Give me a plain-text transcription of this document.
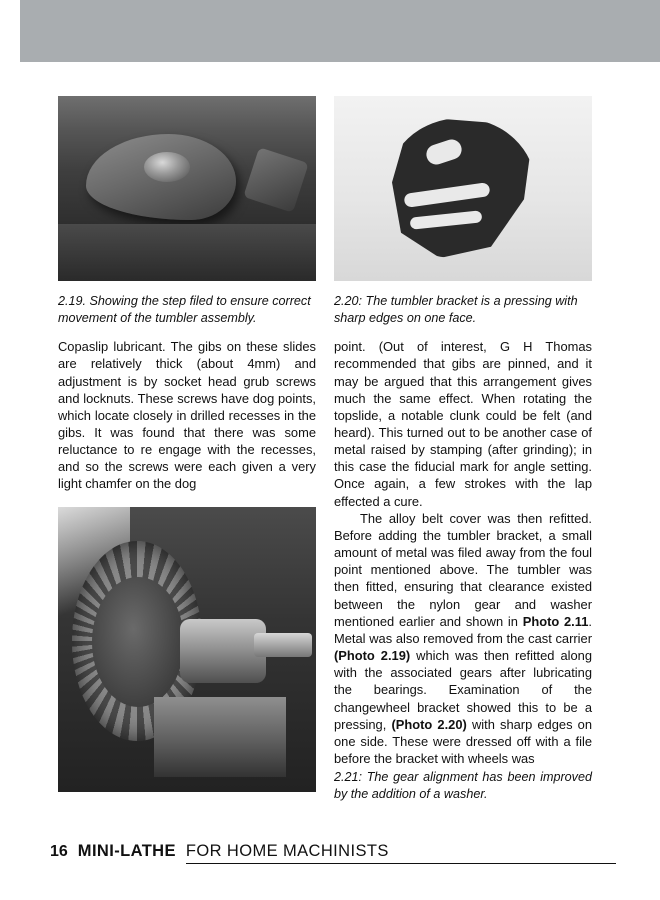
2.19. Showing the step filed to ensure correct movement of the tumbler assembly.

Copaslip lubricant. The gibs on these slides are relatively thick (about 4mm) and adjustment is by socket head grub screws and locknuts. These screws have dog points, which locate closely in drilled recesses in the gibs. It was found that there was some reluctance to re engage with the recesses, and so the screws were each given a very light chamfer on the dog

2.20: The tumbler bracket is a pressing with sharp edges on one face.

point. (Out of interest, G H Thomas recommended that gibs are pinned, and it may be argued that this arrangement gives much the same effect. When rotating the topslide, a notable clunk could be felt (and heard). This turned out to be another case of metal raised by stamping (after grinding); in this case the fiducial mark for angle setting. Once again, a few strokes with the lap effected a cure.

The alloy belt cover was then refitted. Before adding the tumbler bracket, a small amount of metal was filed away from the foul point mentioned above. The tumbler was then fitted, ensuring that clearance existed between the nylon gear and washer mentioned earlier and shown in Photo 2.11. Metal was also removed from the cast carrier (Photo 2.19) which was then refitted along with the associated gears after lubricating the bearings. Examination of the changewheel bracket showed this to be a pressing, (Photo 2.20) with sharp edges on one side. These were dressed off with a file before the bracket with wheels was

2.21: The gear alignment has been improved by the addition of a washer.
16 MINI-LATHE FOR HOME MACHINISTS
